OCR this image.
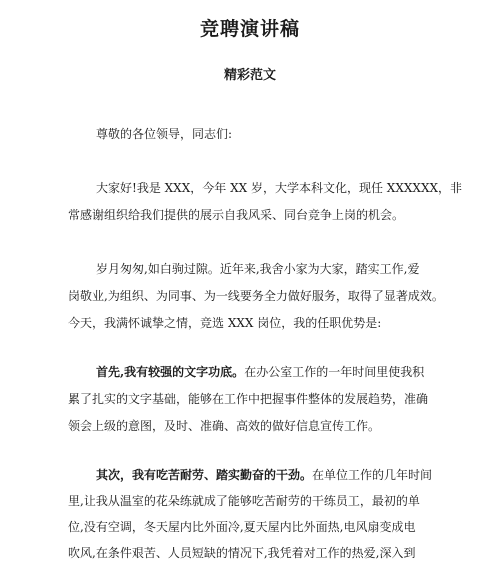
竞聘演讲稿
精彩范文
尊敬的各位领导，同志们:
大家好!我是 XXX，今年 XX 岁，大学本科文化，现任 XXXXXX，非
常感谢组织给我们提供的展示自我风采、同台竞争上岗的机会。
岁月匆匆,如白驹过隙。近年来,我舍小家为大家，踏实工作,爱
岗敬业,为组织、为同事、为一线要务全力做好服务，取得了显著成效。
今天，我满怀诚挚之情，竞选 XXX 岗位，我的任职优势是:
首先,我有较强的文字功底。在办公室工作的一年时间里使我积
累了扎实的文字基础，能够在工作中把握事件整体的发展趋势，准确
领会上级的意图，及时、准确、高效的做好信息宣传工作。
其次，我有吃苦耐劳、踏实勤奋的干劲。在单位工作的几年时间
里,让我从温室的花朵练就成了能够吃苦耐劳的干练员工，最初的单
位,没有空调，冬天屋内比外面冷,夏天屋内比外面热,电风扇变成电
吹风,在条件艰苦、人员短缺的情况下,我凭着对工作的热爱,深入到
